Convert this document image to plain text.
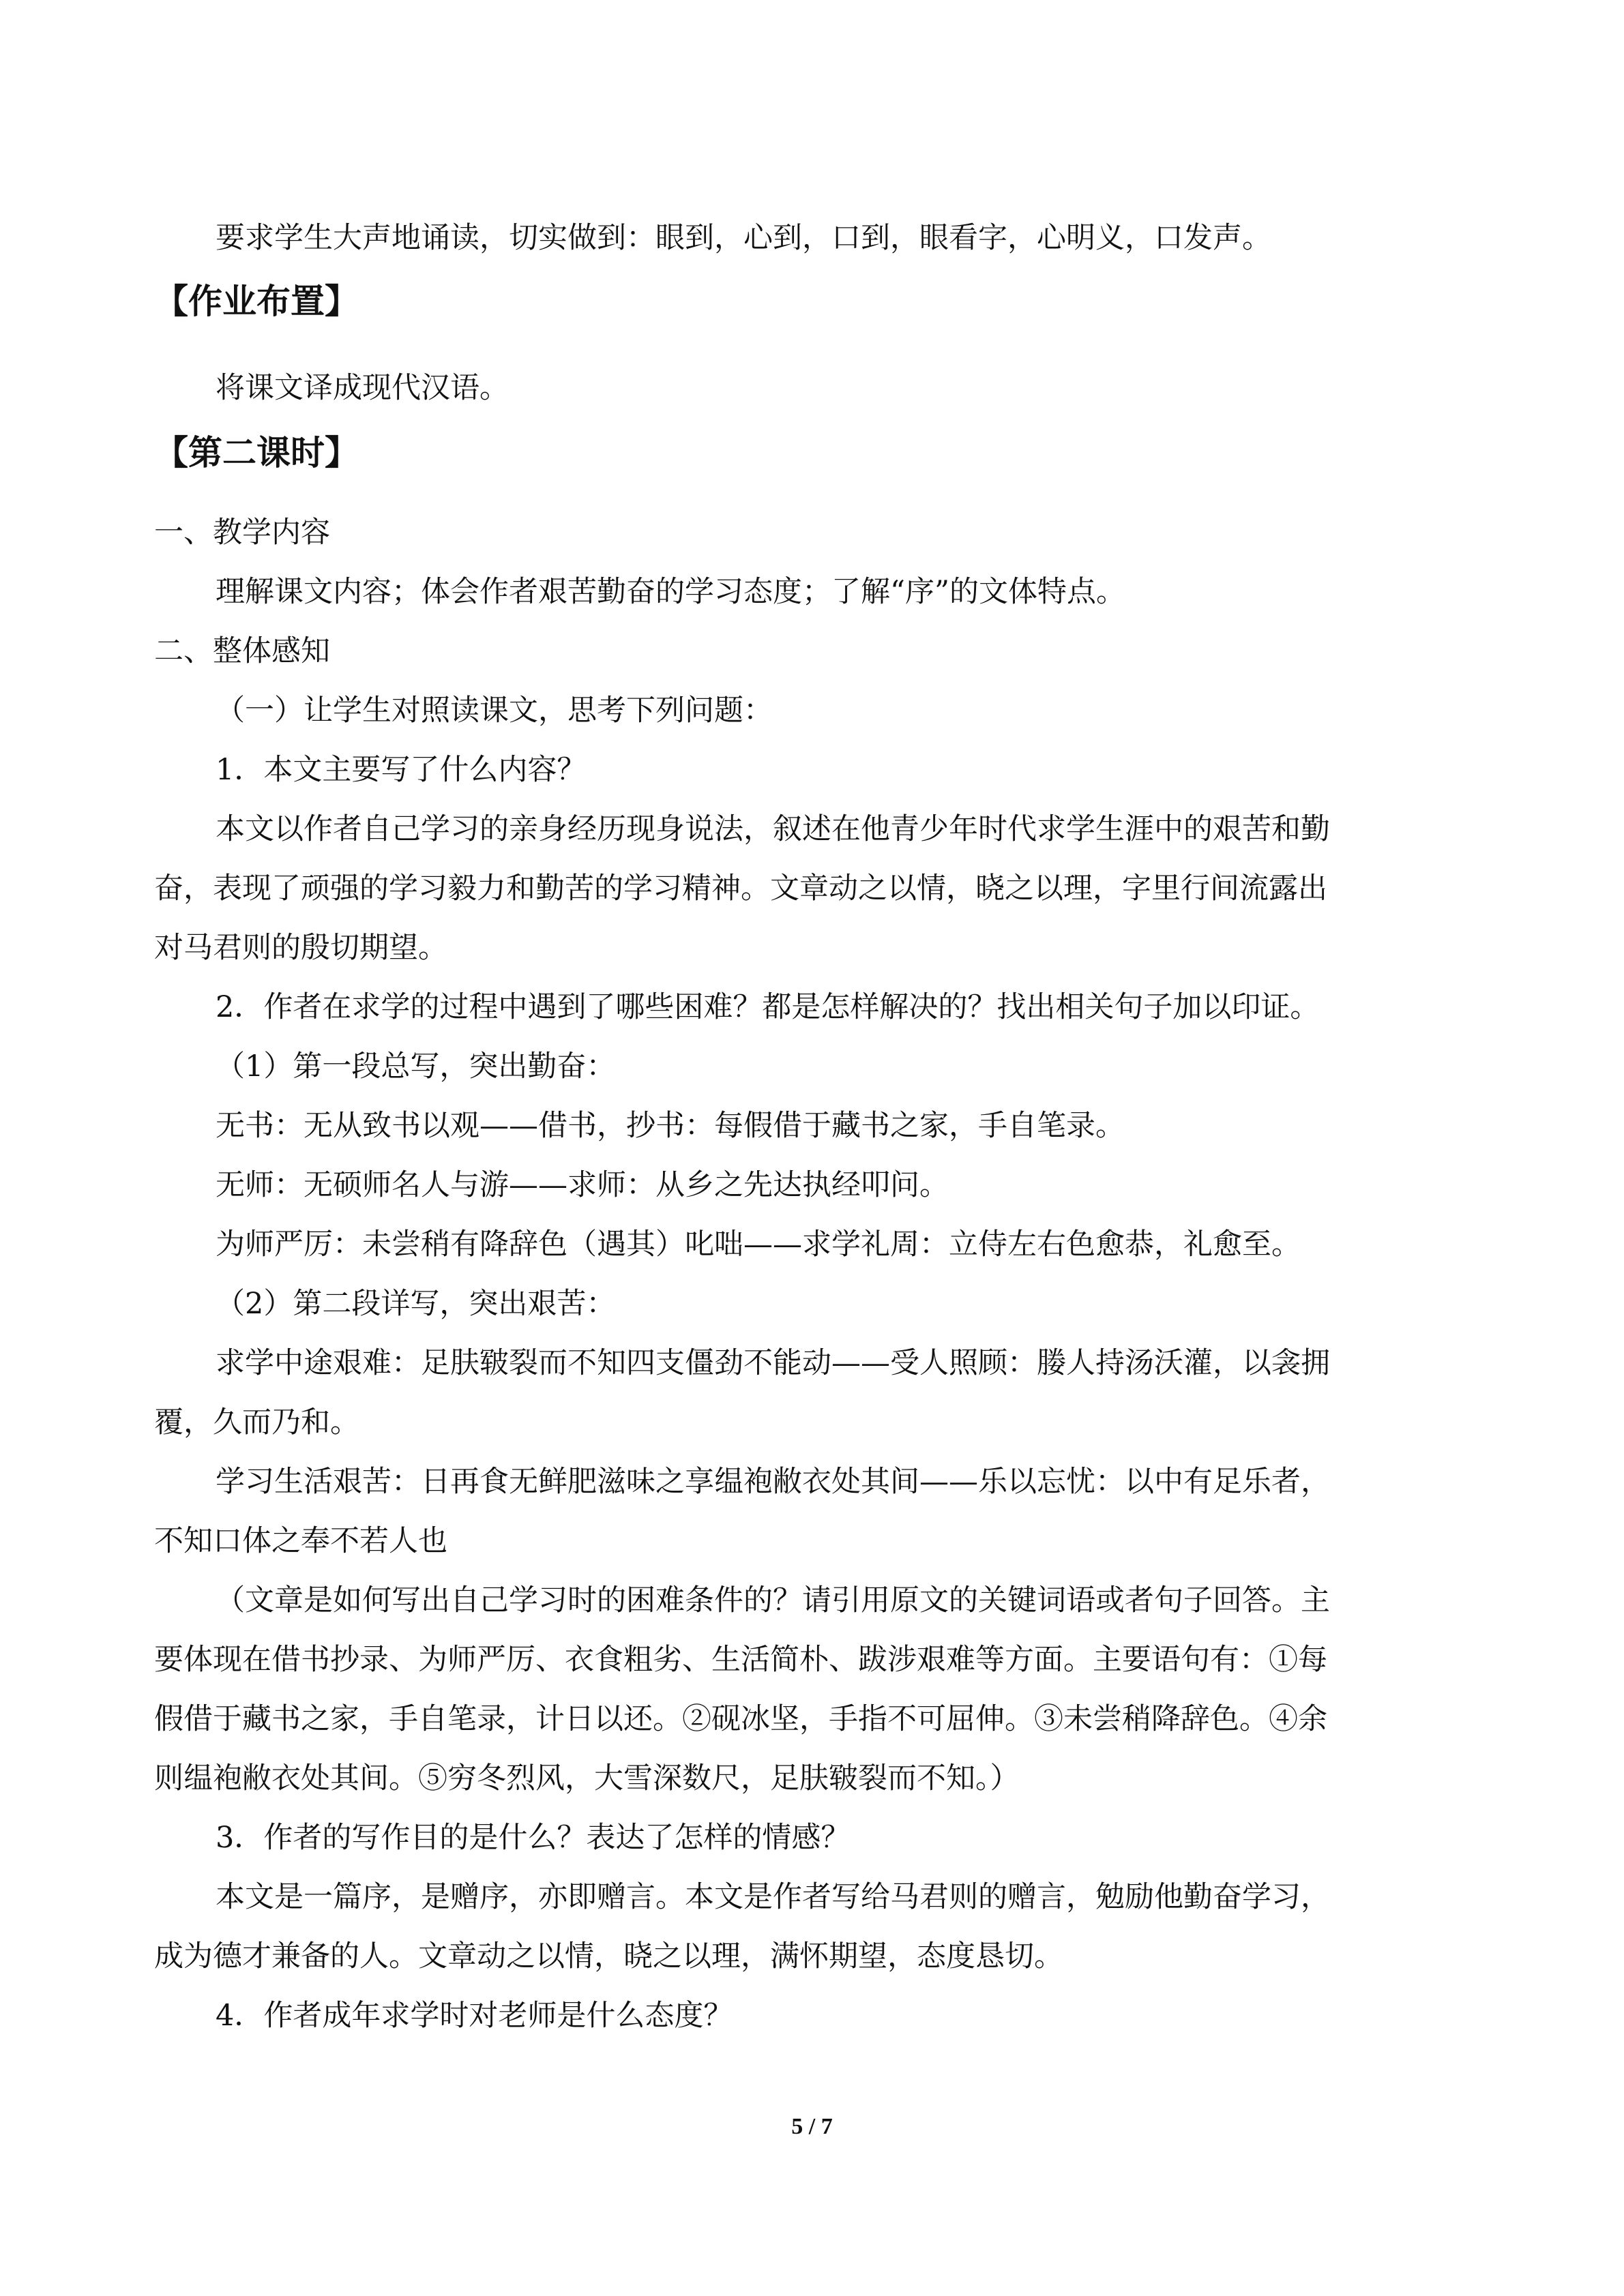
要求学生大声地诵读，切实做到：眼到，心到，口到，眼看字，心明义，口发声。
【作业布置】
将课文译成现代汉语。
【第二课时】
一、教学内容
理解课文内容；体会作者艰苦勤奋的学习态度；了解“序”的文体特点。
二、整体感知
（一）让学生对照读课文，思考下列问题：
1．本文主要写了什么内容？
本文以作者自己学习的亲身经历现身说法，叙述在他青少年时代求学生涯中的艰苦和勤
奋，表现了顽强的学习毅力和勤苦的学习精神。文章动之以情，晓之以理，字里行间流露出
对马君则的殷切期望。
2．作者在求学的过程中遇到了哪些困难？都是怎样解决的？找出相关句子加以印证。
（1）第一段总写，突出勤奋：
无书：无从致书以观——借书，抄书：每假借于藏书之家，手自笔录。
无师：无硕师名人与游——求师：从乡之先达执经叩问。
为师严厉：未尝稍有降辞色（遇其）叱咄——求学礼周：立侍左右色愈恭，礼愈至。
（2）第二段详写，突出艰苦：
求学中途艰难：足肤皲裂而不知四支僵劲不能动——受人照顾：媵人持汤沃灌，以衾拥
覆，久而乃和。
学习生活艰苦：日再食无鲜肥滋味之享缊袍敝衣处其间——乐以忘忧：以中有足乐者，
不知口体之奉不若人也
（文章是如何写出自己学习时的困难条件的？请引用原文的关键词语或者句子回答。主
要体现在借书抄录、为师严厉、衣食粗劣、生活简朴、跋涉艰难等方面。主要语句有：①每
假借于藏书之家，手自笔录，计日以还。②砚冰坚，手指不可屈伸。③未尝稍降辞色。④余
则缊袍敝衣处其间。⑤穷冬烈风，大雪深数尺，足肤皲裂而不知。）
3．作者的写作目的是什么？表达了怎样的情感？
本文是一篇序，是赠序，亦即赠言。本文是作者写给马君则的赠言，勉励他勤奋学习，
成为德才兼备的人。文章动之以情，晓之以理，满怀期望，态度恳切。
4．作者成年求学时对老师是什么态度？
5 / 7
